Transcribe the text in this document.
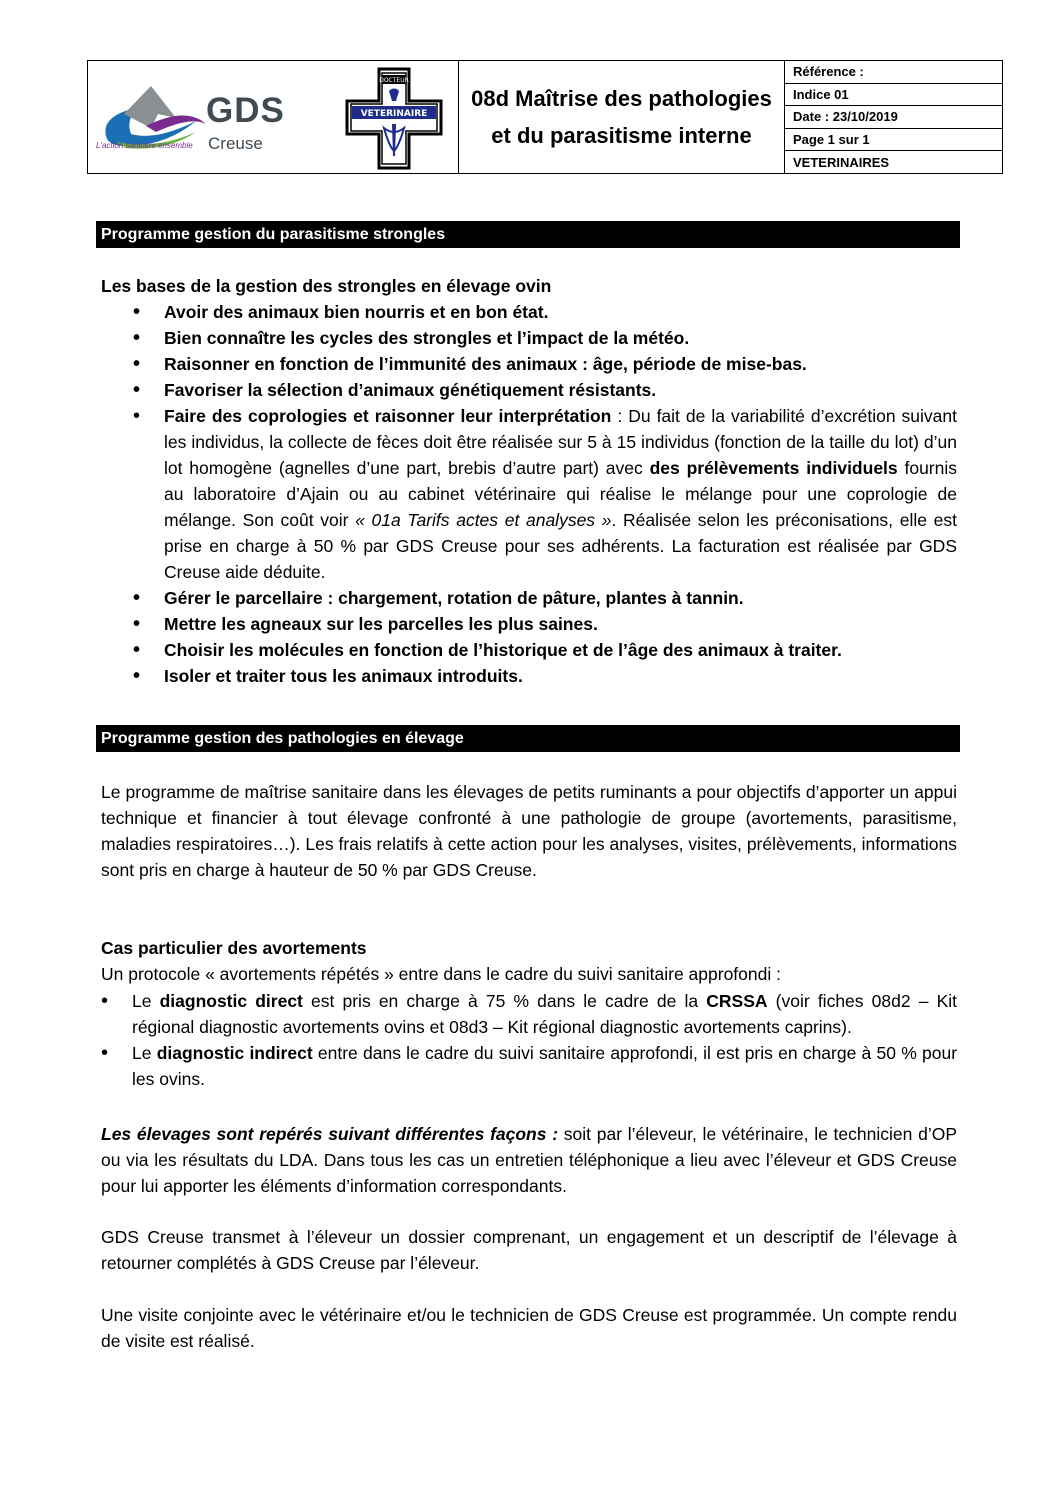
GDS
Creuse
L'action sanitaire ensemble
DOCTEUR
VETERINAIRE
08d Maîtrise des pathologies et du parasitisme interne
Référence :
Indice 01
Date : 23/10/2019
Page 1 sur 1
VETERINAIRES
Programme gestion du parasitisme strongles
Les bases de la gestion des strongles en élevage ovin
• Avoir des animaux bien nourris et en bon état.
• Bien connaître les cycles des strongles et l’impact de la météo.
• Raisonner en fonction de l’immunité des animaux : âge, période de mise-bas.
• Favoriser la sélection d’animaux génétiquement résistants.
• Faire des coprologies et raisonner leur interprétation : Du fait de la variabilité d’excrétion suivant les individus, la collecte de fèces doit être réalisée sur 5 à 15 individus (fonction de la taille du lot) d’un lot homogène (agnelles d’une part, brebis d’autre part) avec des prélèvements individuels fournis au laboratoire d’Ajain ou au cabinet vétérinaire qui réalise le mélange pour une coprologie de mélange. Son coût voir « 01a Tarifs actes et analyses ». Réalisée selon les préconisations, elle est prise en charge à 50 % par GDS Creuse pour ses adhérents. La facturation est réalisée par GDS Creuse aide déduite.
• Gérer le parcellaire : chargement, rotation de pâture, plantes à tannin.
• Mettre les agneaux sur les parcelles les plus saines.
• Choisir les molécules en fonction de l’historique et de l’âge des animaux à traiter.
• Isoler et traiter tous les animaux introduits.
Programme gestion des pathologies en élevage
Le programme de maîtrise sanitaire dans les élevages de petits ruminants a pour objectifs d’apporter un appui technique et financier à tout élevage confronté à une pathologie de groupe (avortements, parasitisme, maladies respiratoires…). Les frais relatifs à cette action pour les analyses, visites, prélèvements, informations sont pris en charge à hauteur de 50 % par GDS Creuse.
Cas particulier des avortements
Un protocole « avortements répétés » entre dans le cadre du suivi sanitaire approfondi :
• Le diagnostic direct est pris en charge à 75 % dans le cadre de la CRSSA (voir fiches 08d2 – Kit régional diagnostic avortements ovins et 08d3 – Kit régional diagnostic avortements caprins).
• Le diagnostic indirect entre dans le cadre du suivi sanitaire approfondi, il est pris en charge à 50 % pour les ovins.
Les élevages sont repérés suivant différentes façons : soit par l’éleveur, le vétérinaire, le technicien d’OP ou via les résultats du LDA. Dans tous les cas un entretien téléphonique a lieu avec l’éleveur et GDS Creuse pour lui apporter les éléments d’information correspondants.
GDS Creuse transmet à l’éleveur un dossier comprenant, un engagement et un descriptif de l’élevage à retourner complétés à GDS Creuse par l’éleveur.
Une visite conjointe avec le vétérinaire et/ou le technicien de GDS Creuse est programmée. Un compte rendu de visite est réalisé.
